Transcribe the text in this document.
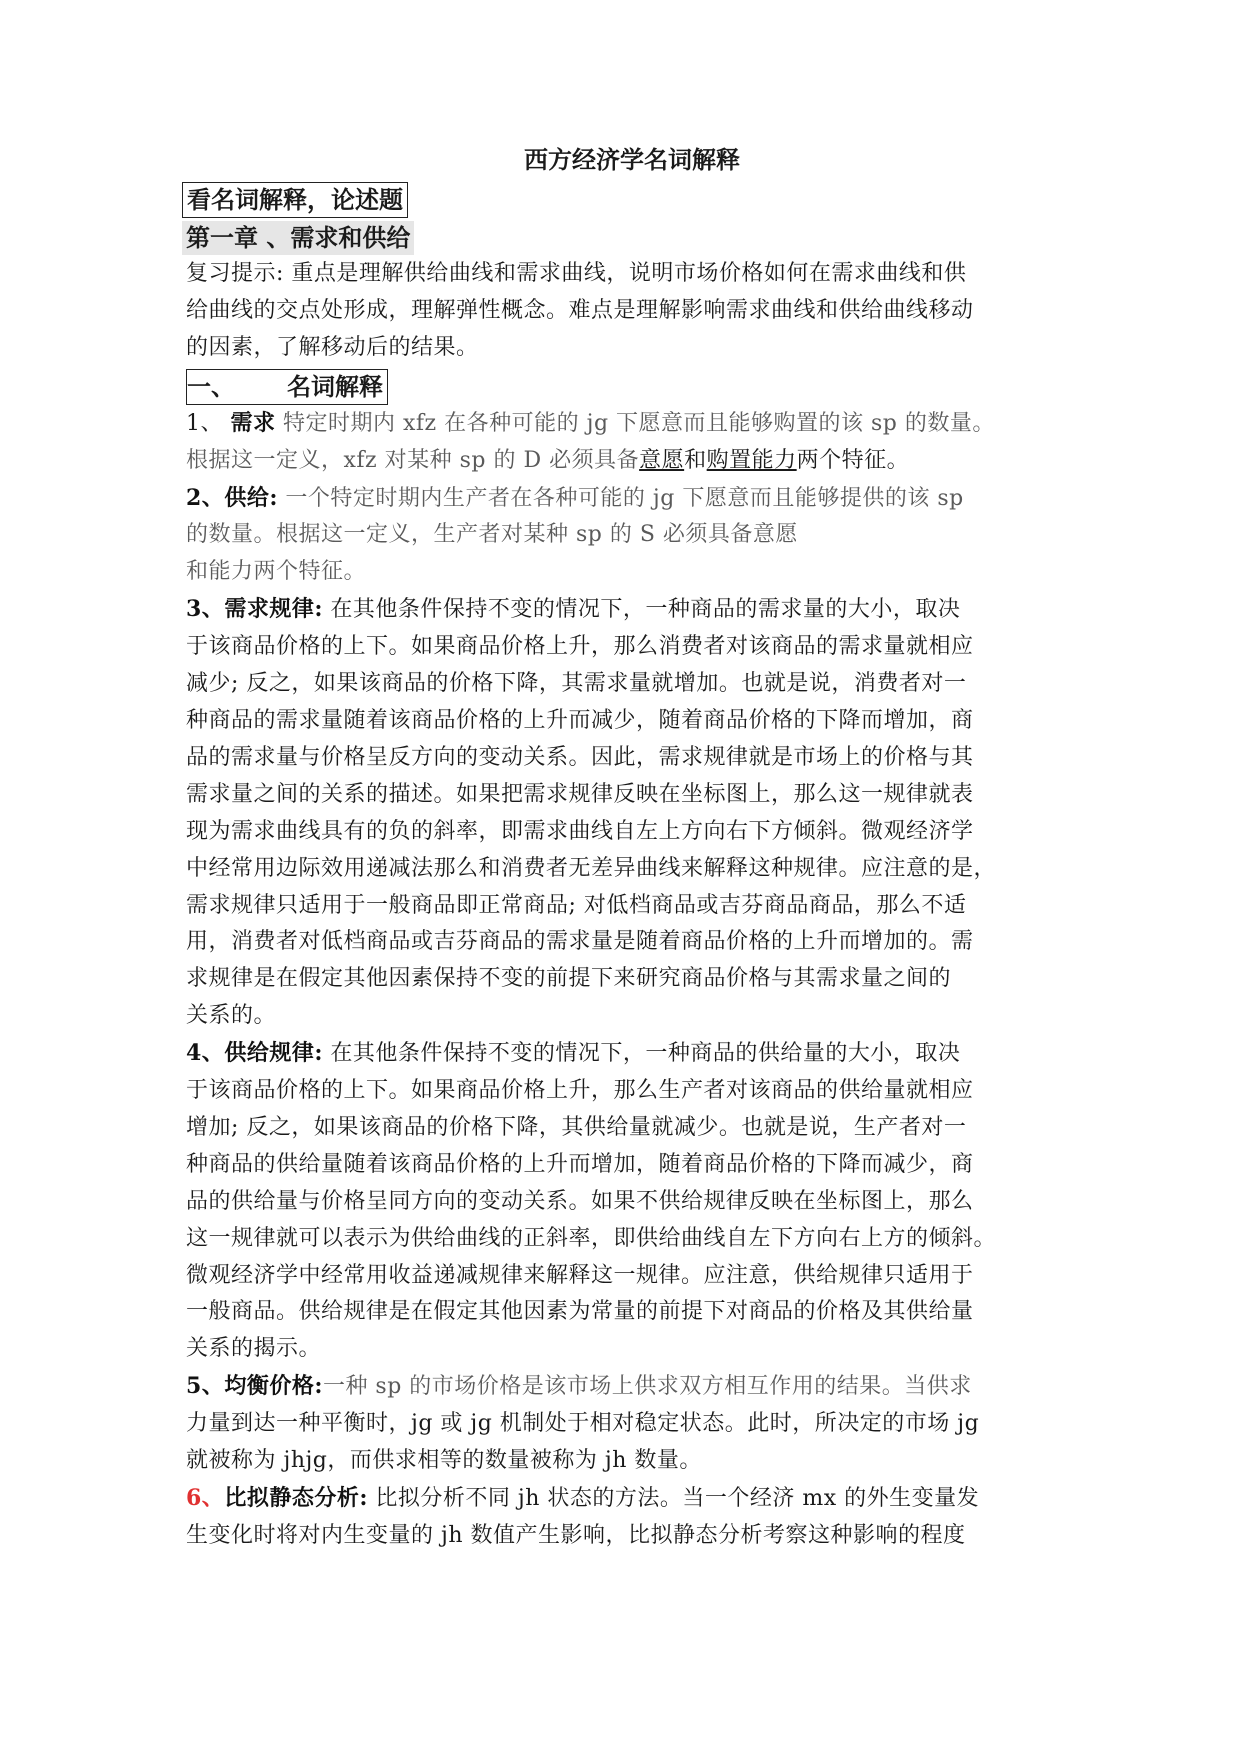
西方经济学名词解释
看名词解释，论述题
第一章 、需求和供给

复习提示: 重点是理解供给曲线和需求曲线，说明市场价格如何在需求曲线和供
给曲线的交点处形成，理解弹性概念。难点是理解影响需求曲线和供给曲线移动
的因素，了解移动后的结果。

一、 名词解释

1、 需求 特定时期内 xfz 在各种可能的 jg 下愿意而且能够购置的该 sp 的数量。
根据这一定义，xfz 对某种 sp 的 D 必须具备意愿和购置能力两个特征。

2、供给: 一个特定时期内生产者在各种可能的 jg 下愿意而且能够提供的该 sp
的数量。根据这一定义，生产者对某种 sp 的 S 必须具备意愿
和能力两个特征。

3、需求规律: 在其他条件保持不变的情况下，一种商品的需求量的大小，取决
于该商品价格的上下。如果商品价格上升，那么消费者对该商品的需求量就相应
减少; 反之，如果该商品的价格下降，其需求量就增加。也就是说，消费者对一
种商品的需求量随着该商品价格的上升而减少，随着商品价格的下降而增加，商
品的需求量与价格呈反方向的变动关系。因此，需求规律就是市场上的价格与其
需求量之间的关系的描述。如果把需求规律反映在坐标图上，那么这一规律就表
现为需求曲线具有的负的斜率，即需求曲线自左上方向右下方倾斜。微观经济学
中经常用边际效用递减法那么和消费者无差异曲线来解释这种规律。应注意的是，
需求规律只适用于一般商品即正常商品; 对低档商品或吉芬商品商品，那么不适
用，消费者对低档商品或吉芬商品的需求量是随着商品价格的上升而增加的。需
求规律是在假定其他因素保持不变的前提下来研究商品价格与其需求量之间的
关系的。

4、供给规律: 在其他条件保持不变的情况下，一种商品的供给量的大小，取决
于该商品价格的上下。如果商品价格上升，那么生产者对该商品的供给量就相应
增加; 反之，如果该商品的价格下降，其供给量就减少。也就是说，生产者对一
种商品的供给量随着该商品价格的上升而增加，随着商品价格的下降而减少，商
品的供给量与价格呈同方向的变动关系。如果不供给规律反映在坐标图上，那么
这一规律就可以表示为供给曲线的正斜率，即供给曲线自左下方向右上方的倾斜。
微观经济学中经常用收益递减规律来解释这一规律。应注意，供给规律只适用于
一般商品。供给规律是在假定其他因素为常量的前提下对商品的价格及其供给量
关系的揭示。

5、均衡价格:一种 sp 的市场价格是该市场上供求双方相互作用的结果。当供求
力量到达一种平衡时，jg 或 jg 机制处于相对稳定状态。此时，所决定的市场 jg
就被称为 jhjg，而供求相等的数量被称为 jh 数量。

6、比拟静态分析: 比拟分析不同 jh 状态的方法。当一个经济 mx 的外生变量发
生变化时将对内生变量的 jh 数值产生影响，比拟静态分析考察这种影响的程度
